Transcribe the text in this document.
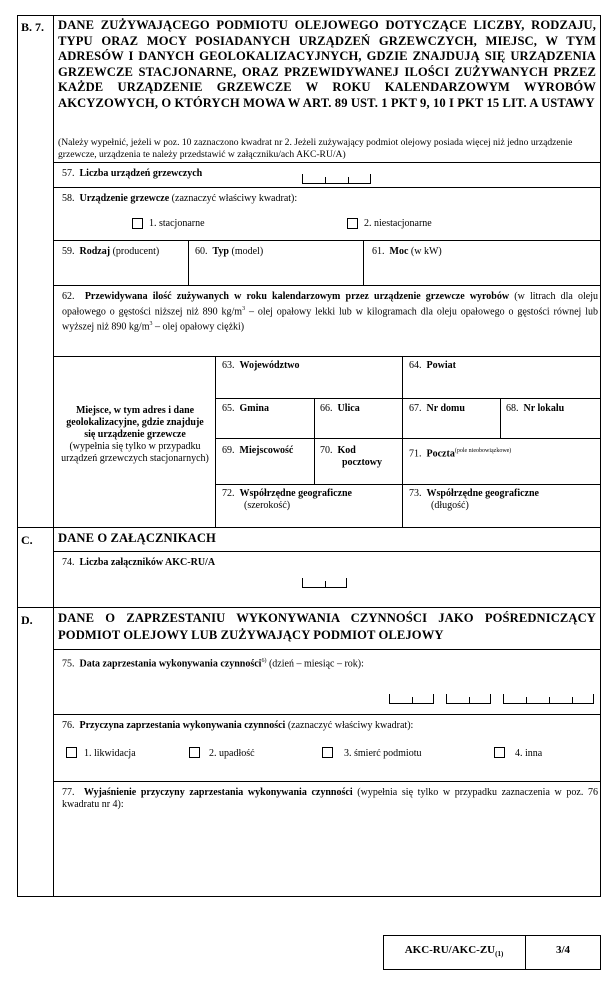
B. 7. DANE ZUŻYWAJĄCEGO PODMIOTU OLEJOWEGO DOTYCZĄCE LICZBY, RODZAJU, TYPU ORAZ MOCY POSIADANYCH URZĄDZEŃ GRZEWCZYCH, MIEJSC, W TYM ADRESÓW I DANYCH GEOLOKALIZACYJNYCH, GDZIE ZNAJDUJĄ SIĘ URZĄDZENIA GRZEWCZE STACJONARNE, ORAZ PRZEWIDYWANEJ ILOŚCI ZUŻYWANYCH PRZEZ KAŻDE URZĄDZENIE GRZEWCZE W ROKU KALENDARZOWYM WYROBÓW AKCYZOWYCH, O KTÓRYCH MOWA W ART. 89 UST. 1 PKT 9, 10 I PKT 15 LIT. A USTAWY
(Należy wypełnić, jeżeli w poz. 10 zaznaczono kwadrat nr 2. Jeżeli zużywający podmiot olejowy posiada więcej niż jedno urządzenie grzewcze, urządzenia te należy przedstawić w załączniku/ach AKC-RU/A)
57. Liczba urządzeń grzewczych
58. Urządzenie grzewcze (zaznaczyć właściwy kwadrat):
1. stacjonarne	2. niestacjonarne
59. Rodzaj (producent)	60. Typ (model)	61. Moc (w kW)
62. Przewidywana ilość zużywanych w roku kalendarzowym przez urządzenie grzewcze wyrobów (w litrach dla oleju opałowego o gęstości niższej niż 890 $kg/m^3$ – olej opałowy lekki lub w kilogramach dla oleju opałowego o gęstości równej lub wyższej niż 890 $kg/m^3$ – olej opałowy ciężki)
Miejsce, w tym adres i dane geolokalizacyjne, gdzie znajduje się urządzenie grzewcze
(wypełnia się tylko w przypadku urządzeń grzewczych stacjonarnych)
63. Województwo	64. Powiat
65. Gmina	66. Ulica	67. Nr domu	68. Nr lokalu
69. Miejscowość	70. Kod
pocztowy
71. Poczta$^{(pole nieobowiązkowe)}$
72. Współrzędne geograficzne
(szerokość)
73. Współrzędne geograficzne
(długość)
C. DANE O ZAŁĄCZNIKACH
74. Liczba załączników AKC-RU/A
D. DANE O ZAPRZESTANIU WYKONYWANIA CZYNNOŚCI JAKO POŚREDNICZĄCY
PODMIOT OLEJOWY LUB ZUŻYWAJĄCY PODMIOT OLEJOWY
75. Data zaprzestania wykonywania czynności$^{6)}$ (dzień – miesiąc – rok):
76. Przyczyna zaprzestania wykonywania czynności (zaznaczyć właściwy kwadrat):
1. likwidacja	2. upadłość	3. śmierć podmiotu	4. inna
77. Wyjaśnienie przyczyny zaprzestania wykonywania czynności (wypełnia się tylko w przypadku zaznaczenia w poz. 76 kwadratu nr 4):
AKC-$RU/AKC-ZU_{(1)}$	3/4
